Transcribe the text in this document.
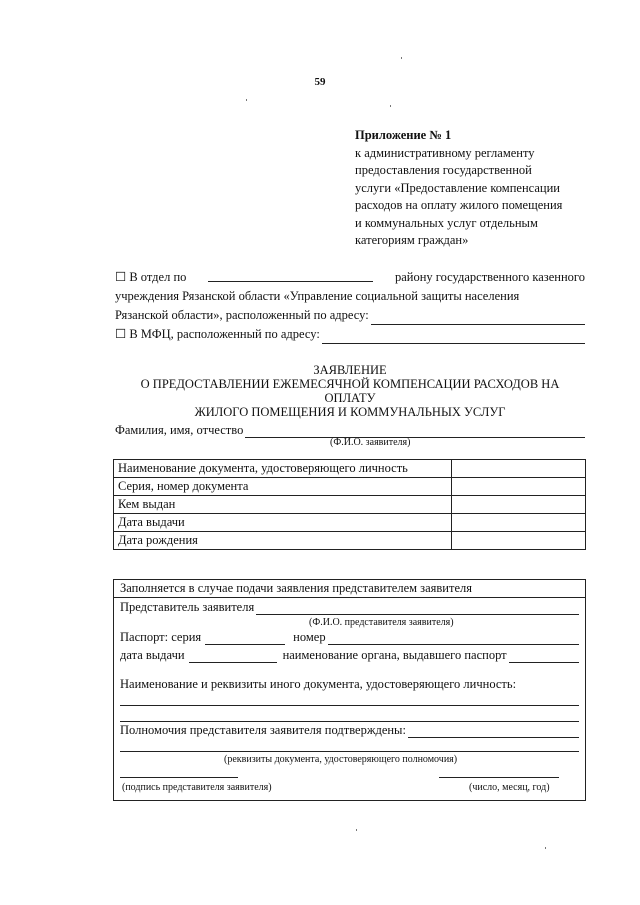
59
Приложение № 1
к административному регламенту
предоставления государственной
услуги «Предоставление компенсации
расходов на оплату жилого помещения
и коммунальных услуг отдельным
категориям граждан»
☐ В отдел по	району государственного казенного
учреждения Рязанской области «Управление социальной защиты населения
Рязанской области», расположенный по адресу:
☐ В МФЦ, расположенный по адресу:
ЗАЯВЛЕНИЕ
О ПРЕДОСТАВЛЕНИИ ЕЖЕМЕСЯЧНОЙ КОМПЕНСАЦИИ РАСХОДОВ НА ОПЛАТУ
ЖИЛОГО ПОМЕЩЕНИЯ И КОММУНАЛЬНЫХ УСЛУГ
Фамилия, имя, отчество
(Ф.И.О. заявителя)
Наименование документа, удостоверяющего личность	
Серия, номер документа	
Кем выдан	
Дата выдачи	
Дата рождения	
Заполняется в случае подачи заявления представителем заявителя
Представитель заявителя
(Ф.И.О. представителя заявителя)
Паспорт: серия	номер
дата выдачи	наименование органа, выдавшего паспорт
Наименование и реквизиты иного документа, удостоверяющего личность:
Полномочия представителя заявителя подтверждены:
(реквизиты документа, удостоверяющего полномочия)
(подпись представителя заявителя)	(число, месяц, год)
